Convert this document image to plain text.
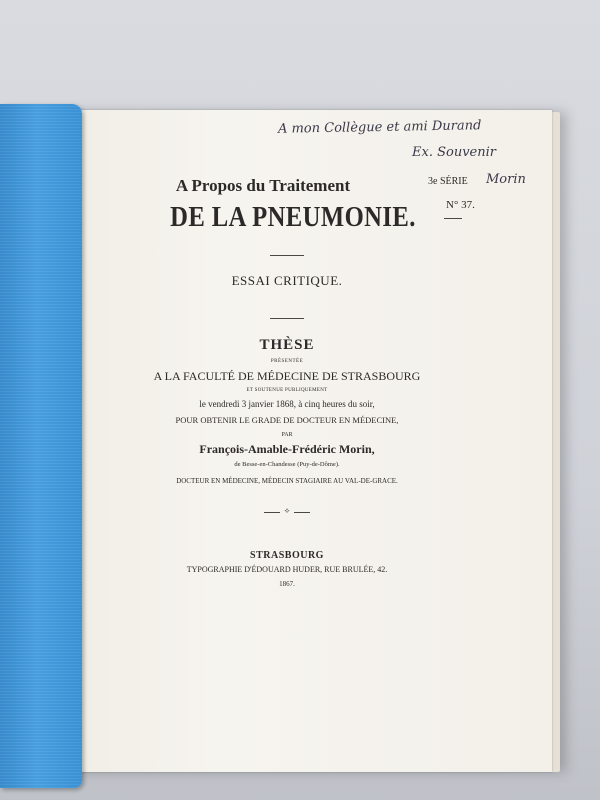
A mon Collègue et ami Durand
Ex. Souvenir
Morin
3e SÉRIE
N° 37.
A Propos du Traitement
DE LA PNEUMONIE.
ESSAI CRITIQUE.
THÈSE
PRÉSENTÉE
A LA FACULTÉ DE MÉDECINE DE STRASBOURG
ET SOUTENUE PUBLIQUEMENT
le vendredi 3 janvier 1868, à cinq heures du soir,
POUR OBTENIR LE GRADE DE DOCTEUR EN MÉDECINE,
PAR
François-Amable-Frédéric Morin,
de Besse-en-Chandesse (Puy-de-Dôme).
DOCTEUR EN MÉDECINE, MÉDECIN STAGIAIRE AU VAL-DE-GRACE.
⟡
STRASBOURG
TYPOGRAPHIE D'ÉDOUARD HUDER, RUE BRULÉE, 42.
1867.
